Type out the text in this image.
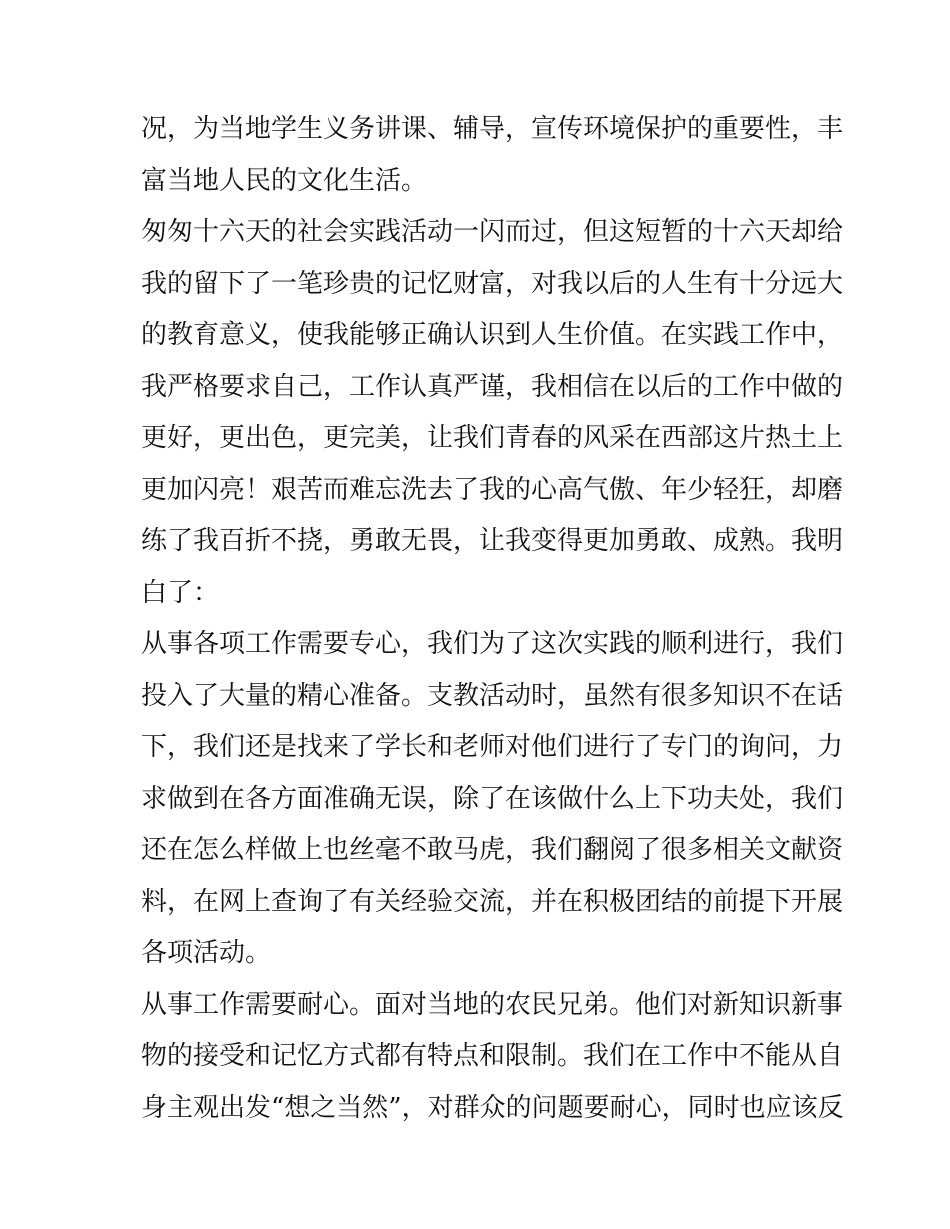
况，为当地学生义务讲课、辅导，宣传环境保护的重要性，丰
富当地人民的文化生活。
匆匆十六天的社会实践活动一闪而过，但这短暂的十六天却给
我的留下了一笔珍贵的记忆财富，对我以后的人生有十分远大
的教育意义，使我能够正确认识到人生价值。在实践工作中，
我严格要求自己，工作认真严谨，我相信在以后的工作中做的
更好，更出色，更完美，让我们青春的风采在西部这片热土上
更加闪亮！艰苦而难忘洗去了我的心高气傲、年少轻狂，却磨
练了我百折不挠，勇敢无畏，让我变得更加勇敢、成熟。我明
白了：
从事各项工作需要专心，我们为了这次实践的顺利进行，我们
投入了大量的精心准备。支教活动时，虽然有很多知识不在话
下，我们还是找来了学长和老师对他们进行了专门的询问，力
求做到在各方面准确无误，除了在该做什么上下功夫处，我们
还在怎么样做上也丝毫不敢马虎，我们翻阅了很多相关文献资
料，在网上查询了有关经验交流，并在积极团结的前提下开展
各项活动。
从事工作需要耐心。面对当地的农民兄弟。他们对新知识新事
物的接受和记忆方式都有特点和限制。我们在工作中不能从自
身主观出发“想之当然”，对群众的问题要耐心，同时也应该反
